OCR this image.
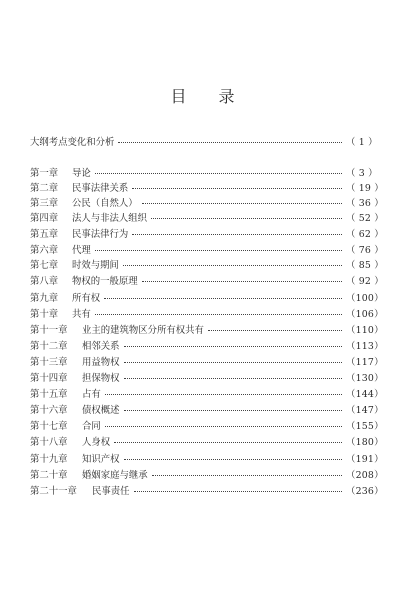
目　　录
大纲考点变化和分析	（ 1 ）
第一章	导论	（ 3 ）
第二章	民事法律关系	（ 19 ）
第三章	公民（自然人）	（ 36 ）
第四章	法人与非法人组织	（ 52 ）
第五章	民事法律行为	（ 62 ）
第六章	代理	（ 76 ）
第七章	时效与期间	（ 85 ）
第八章	物权的一般原理	（ 92 ）
第九章	所有权	（100）
第十章	共有	（106）
第十一章	业主的建筑物区分所有权共有	（110）
第十二章	相邻关系	（113）
第十三章	用益物权	（117）
第十四章	担保物权	（130）
第十五章	占有	（144）
第十六章	债权概述	（147）
第十七章	合同	（155）
第十八章	人身权	（180）
第十九章	知识产权	（191）
第二十章	婚姻家庭与继承	（208）
第二十一章	民事责任	（236）
